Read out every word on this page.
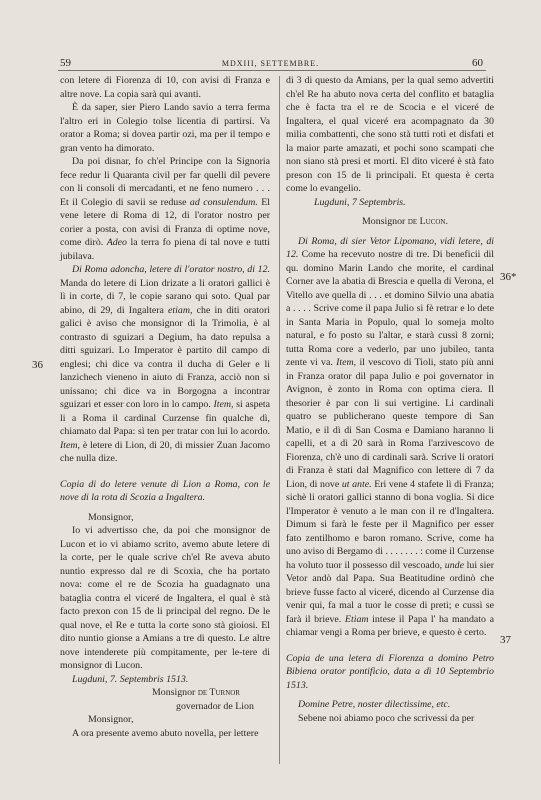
59	MDXIII, SETTEMBRE.	60
36
36*
37

con letere di Fiorenza di 10, con avisi di Franza e altre nove. La copia sarà qui avanti.

È da saper, sier Piero Lando savio a terra ferma l'altro eri in Colegio tolse licentia di partirsi. Va orator a Roma; si dovea partir ozi, ma per il tempo e gran vento ha dimorato.

Da poi disnar, fo ch'el Principe con la Signoria fece redur li Quaranta civil per far quelli dil pevere con li consoli di mercadanti, et ne feno numero . . . Et il Colegio di savii se reduse ad consulendum. El vene letere di Roma di 12, di l'orator nostro per corier a posta, con avisi di Franza di optime nove, come dirò. Adeo la terra fo piena di tal nove e tutti jubilava.

Di Roma adoncha, letere di l'orator nostro, di 12. Manda do letere di Lion drizate a li oratori gallici è lì in corte, di 7, le copie sarano qui soto. Qual par abino, di 29, di Ingaltera etiam, che in diti oratori galici è aviso che monsignor di la Trimolia, è al contrasto di sguizari a Degium, ha dato repulsa a ditti sguizari. Lo Imperator è partito dil campo di englesi; chi dice va contra il ducha di Geler e li lanzichech vieneno in aiuto di Franza, acciò non si unissano; chi dice va in Borgogna a incontrar sguizari et esser con loro in lo campo. Item, si aspeta li a Roma il cardinal Curzense fin qualche dì, chiamato dal Papa: sì ten per tratar con lui lo acordo. Item, è letere di Lion, di 20, di missier Zuan Jacomo che nulla dize.

Copia di do letere venute di Lion a Roma, con le nove di la rota di Scozia a Ingaltera.

Monsignor,

Io vi advertisso che, da poi che monsignor de Lucon et io vi abiamo scrito, avemo abute letere di la corte, per le quale scrive ch'el Re aveva abuto nuntio expresso dal re di Scoxia, che ha portato nova: come el re de Scozia ha guadagnato una bataglia contra el viceré de Ingaltera, el qual è stà facto prexon con 15 de li principal del regno. De le qual nove, el Re e tutta la corte sono stà gioiosi. El dito nuntio gionse a Amians a tre di questo. Le altre nove intenderete più compitamente, per le-tere di monsignor di Lucon.

Lugduni, 7. Septembris 1513.

Monsignor de Turnor

governador de Lion

Monsignor,

A ora presente avemo abuto novella, per lettere

di 3 di questo da Amians, per la qual semo advertiti ch'el Re ha abuto nova certa del conflito et bataglia che è facta tra el re de Scocia e el viceré de Ingaltera, el qual viceré era acompagnato da 30 milia combattenti, che sono stà tutti roti et disfati et la maior parte amazati, et pochi sono scampati che non siano stà presi et morti. El dito viceré è stà fato preson con 15 de li principali. Et questa è certa come lo evangelio.

Lugduni, 7 Septembris.

Monsignor de Lucon.

Di Roma, di sier Vetor Lipomano, vidi letere, di 12. Come ha recevuto nostre di tre. Di beneficii dil qu. domino Marin Lando che morite, el cardinal Corner ave la abatia di Brescia e quella di Verona, el Vitello ave quella di . . . et domino Silvio una abatia a . . . . Scrive come il papa Julio si fè retrar e lo dete in Santa Maria in Populo, qual lo someja molto natural, e fo posto su l'altar, e starà cussì 8 zorni; tutta Roma core a vederlo, par uno jubileo, tanta zente vi va. Item, il vescovo di Tioli, stato più anni in Franza orator dil papa Julio e poi governator in Avignon, è zonto in Roma con optima ciera. Il thesorier è par con li sui vertigine. Li cardinali quatro se publicherano queste tempore di San Matio, e il dì di San Cosma e Damiano haranno li capelli, et a dì 20 sarà in Roma l'arzivescovo de Fiorenza, ch'è uno di cardinali sarà. Scrive li oratori di Franza è stati dal Magnifico con lettere di 7 da Lion, di nove ut ante. Eri vene 4 stafete lì di Franza; sichè li oratori gallici stanno di bona voglia. Si dice l'Imperator è venuto a le man con il re d'Ingaltera. Dimum si farà le feste per il Magnifico per esser fato zentilhomo e baron romano. Scrive, come ha uno aviso di Bergamo di . . . . . . . : come il Curzense ha voluto tuor il possesso dil vescoado, unde lui sier Vetor andò dal Papa. Sua Beatitudine ordinò che brieve fusse facto al viceré, dicendo al Curzense dia venir qui, fa mal a tuor le cosse di preti; e cussì se farà il brieve. Etiam intese il Papa l' ha mandato a chiamar vengi a Roma per brieve, e questo è certo.

Copia de una letera di Fiorenza a domino Petro Bibiena orator pontificio, data a dì 10 Septembrio 1513.

Domine Petre, noster dilectissime, etc.

Sebene noi abiamo poco che scrivessi da per
